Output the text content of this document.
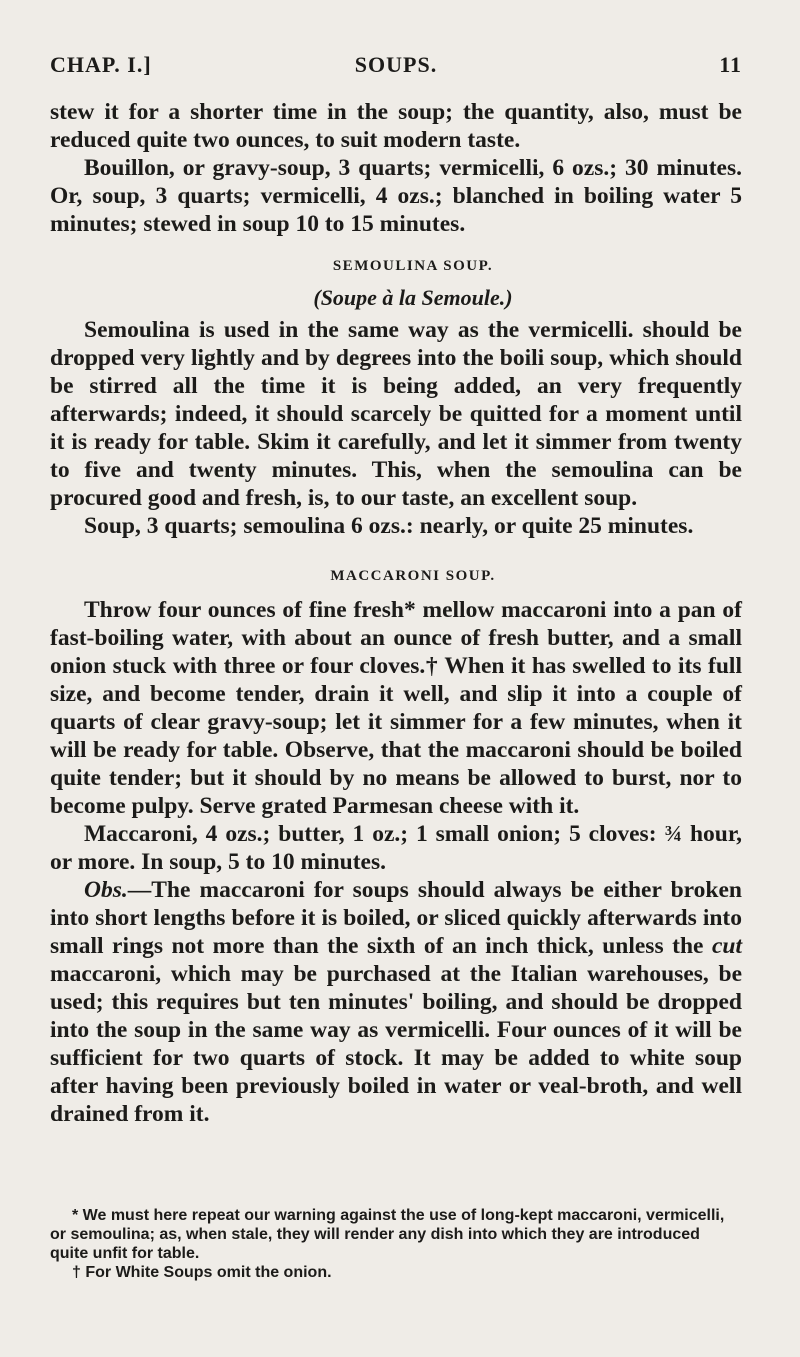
CHAP. I.]	SOUPS.	11

stew it for a shorter time in the soup; the quantity, also, must be reduced quite two ounces, to suit modern taste.

Bouillon, or gravy-soup, 3 quarts; vermicelli, 6 ozs.; 30 minutes. Or, soup, 3 quarts; vermicelli, 4 ozs.; blanched in boiling water 5 minutes; stewed in soup 10 to 15 minutes.

SEMOULINA SOUP.

(Soupe à la Semoule.)

Semoulina is used in the same way as the vermicelli. should be dropped very lightly and by degrees into the boili soup, which should be stirred all the time it is being added, an very frequently afterwards; indeed, it should scarcely be quitted for a moment until it is ready for table. Skim it carefully, and let it simmer from twenty to five and twenty minutes. This, when the semoulina can be procured good and fresh, is, to our taste, an excellent soup.

Soup, 3 quarts; semoulina 6 ozs.: nearly, or quite 25 minutes.

MACCARONI SOUP.

Throw four ounces of fine fresh* mellow maccaroni into a pan of fast-boiling water, with about an ounce of fresh butter, and a small onion stuck with three or four cloves.† When it has swelled to its full size, and become tender, drain it well, and slip it into a couple of quarts of clear gravy-soup; let it simmer for a few minutes, when it will be ready for table. Observe, that the maccaroni should be boiled quite tender; but it should by no means be allowed to burst, nor to become pulpy. Serve grated Parmesan cheese with it.

Maccaroni, 4 ozs.; butter, 1 oz.; 1 small onion; 5 cloves: ¾ hour, or more. In soup, 5 to 10 minutes.

Obs.—The maccaroni for soups should always be either broken into short lengths before it is boiled, or sliced quickly afterwards into small rings not more than the sixth of an inch thick, unless the cut maccaroni, which may be purchased at the Italian warehouses, be used; this requires but ten minutes' boiling, and should be dropped into the soup in the same way as vermicelli. Four ounces of it will be sufficient for two quarts of stock. It may be added to white soup after having been previously boiled in water or veal-broth, and well drained from it.

* We must here repeat our warning against the use of long-kept maccaroni, vermicelli, or semoulina; as, when stale, they will render any dish into which they are introduced quite unfit for table.

† For White Soups omit the onion.
